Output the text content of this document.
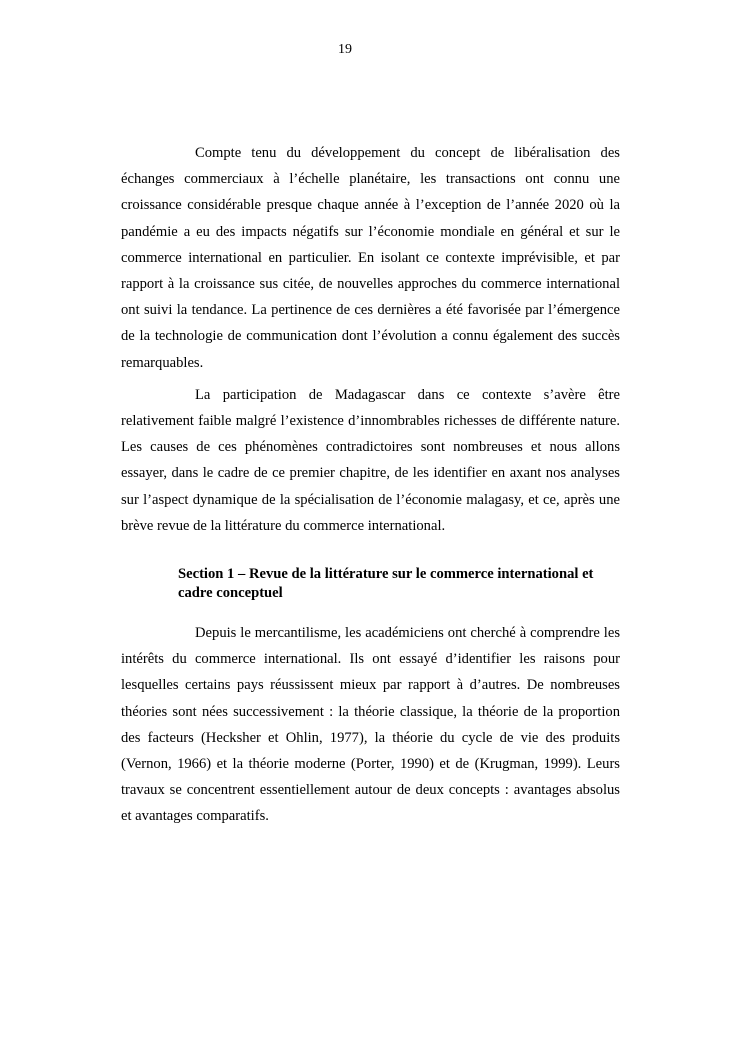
19

Compte tenu du développement du concept de libéralisation des échanges commerciaux à l’échelle planétaire, les transactions ont connu une croissance considérable presque chaque année à l’exception de l’année 2020 où la pandémie a eu des impacts négatifs sur l’économie mondiale en général et sur le commerce international en particulier. En isolant ce contexte imprévisible, et par rapport à la croissance sus citée, de nouvelles approches du commerce international ont suivi la tendance. La pertinence de ces dernières a été favorisée par l’émergence de la technologie de communication dont l’évolution a connu également des succès remarquables.

La participation de Madagascar dans ce contexte s’avère être relativement faible malgré l’existence d’innombrables richesses de différente nature. Les causes de ces phénomènes contradictoires sont nombreuses et nous allons essayer, dans le cadre de ce premier chapitre, de les identifier en axant nos analyses sur l’aspect dynamique de la spécialisation de l’économie malagasy, et ce, après une brève revue de la littérature du commerce international.

Section 1 – Revue de la littérature sur le commerce international et cadre conceptuel

Depuis le mercantilisme, les académiciens ont cherché à comprendre les intérêts du commerce international. Ils ont essayé d’identifier les raisons pour lesquelles certains pays réussissent mieux par rapport à d’autres. De nombreuses théories sont nées successivement : la théorie classique, la théorie de la proportion des facteurs (Hecksher et Ohlin, 1977), la théorie du cycle de vie des produits (Vernon, 1966) et la théorie moderne (Porter, 1990) et de (Krugman, 1999). Leurs travaux se concentrent essentiellement autour de deux concepts : avantages absolus et avantages comparatifs.
